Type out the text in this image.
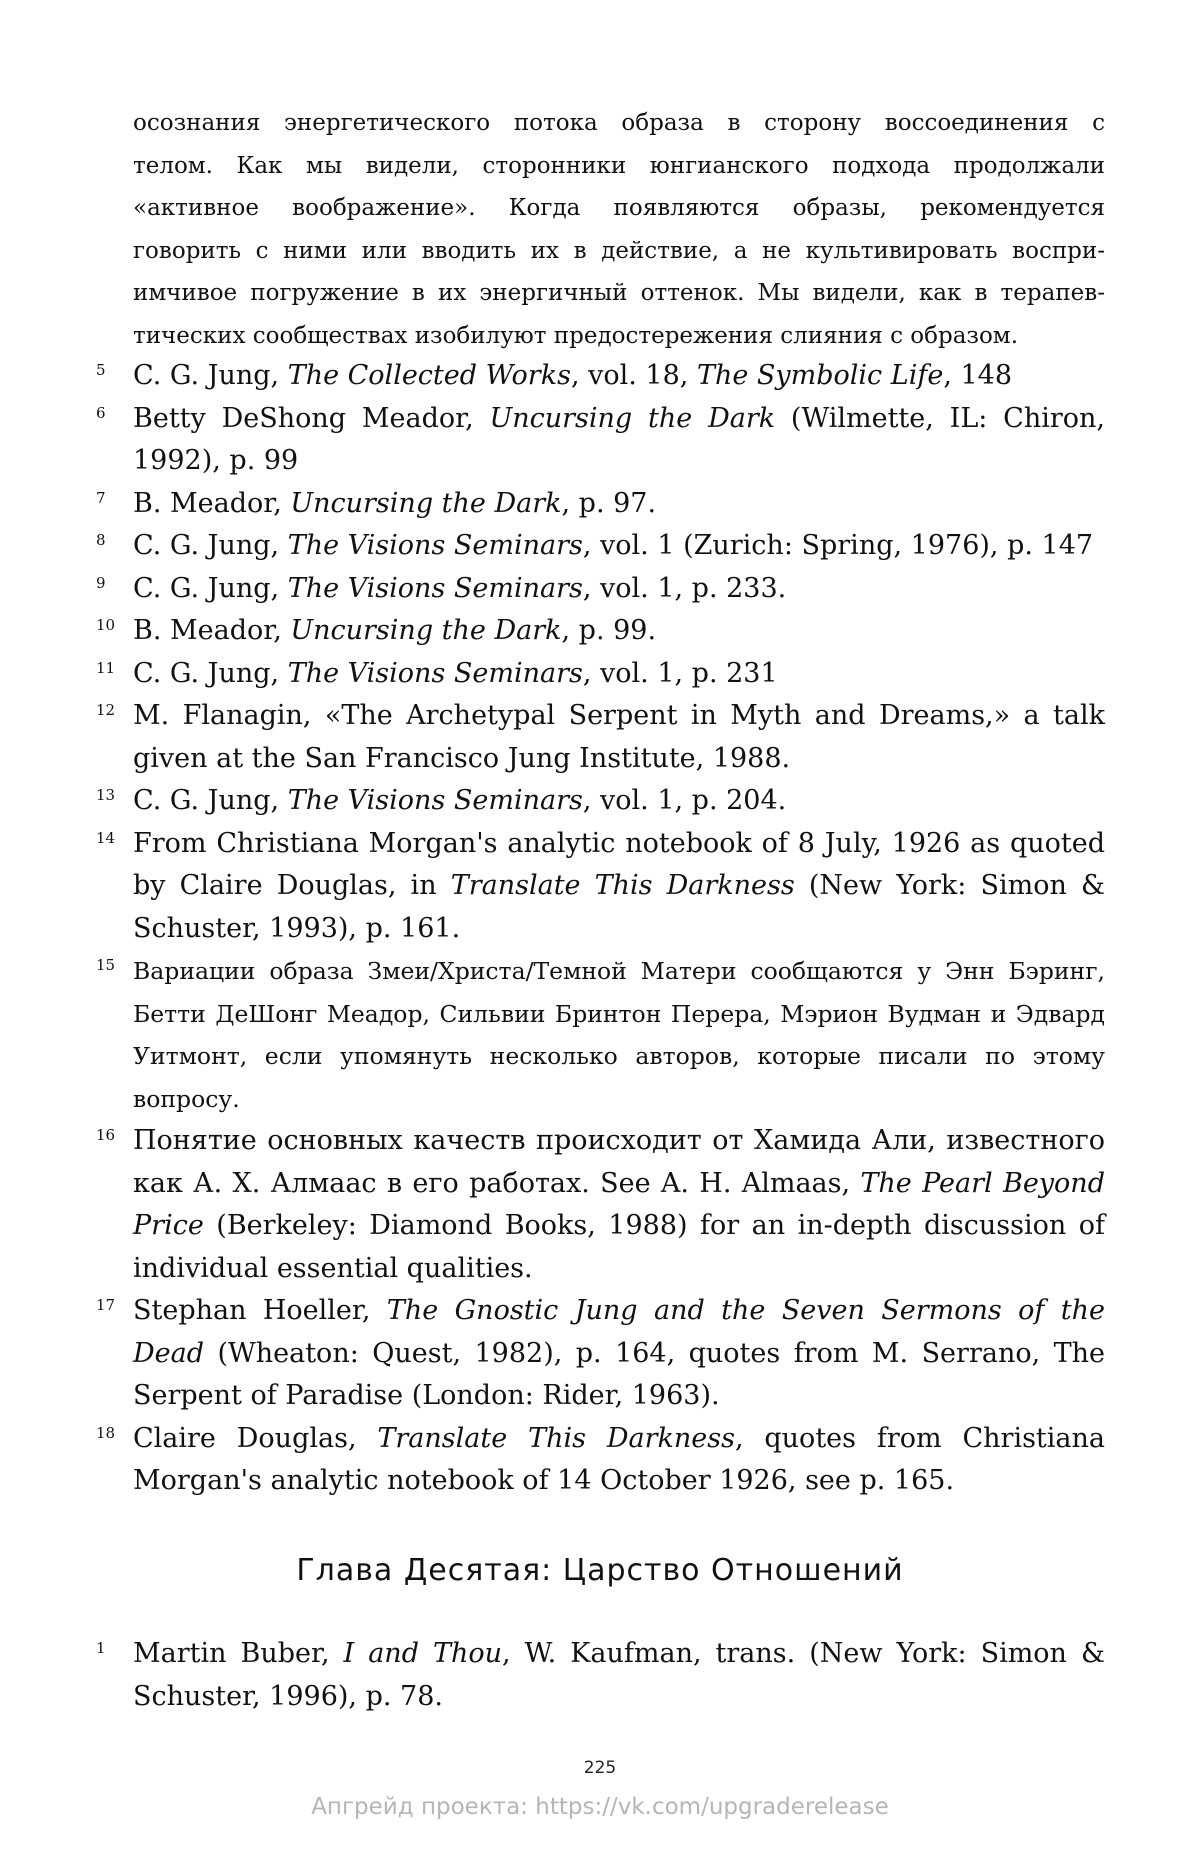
осознания энергетического потока образа в сторону воссоединения с
телом. Как мы видели, сторонники юнгианского подхода продолжали
«активное воображение». Когда появляются образы, рекомендуется
говорить с ними или вводить их в действие, а не культивировать воспри-
имчивое погружение в их энергичный оттенок. Мы видели, как в терапев-
тических сообществах изобилуют предостережения слияния с образом.
5 C. G. Jung, The Collected Works, vol. 18, The Symbolic Life, 148
6 Betty DeShong Meador, Uncursing the Dark (Wilmette, IL: Chiron, 1992), p. 99
7 B. Meador, Uncursing the Dark, p. 97.
8 C. G. Jung, The Visions Seminars, vol. 1 (Zurich: Spring, 1976), p. 147
9 C. G. Jung, The Visions Seminars, vol. 1, p. 233.
10 B. Meador, Uncursing the Dark, p. 99.
11 C. G. Jung, The Visions Seminars, vol. 1, p. 231
12 M. Flanagin, «The Archetypal Serpent in Myth and Dreams,» a talk given at the San Francisco Jung Institute, 1988.
13 C. G. Jung, The Visions Seminars, vol. 1, p. 204.
14 From Christiana Morgan's analytic notebook of 8 July, 1926 as quoted by Claire Douglas, in Translate This Darkness (New York: Simon & Schuster, 1993), p. 161.
15 Вариации образа Змеи/Христа/Темной Матери сообщаются у Энн Бэринг, Бетти ДеШонг Меадор, Сильвии Бринтон Перера, Мэрион Вудман и Эдвард Уитмонт, если упомянуть несколько авторов, которые писали по этому вопросу.
16 Понятие основных качеств происходит от Хамида Али, известного как А. Х. Алмаас в его работах. See A. H. Almaas, The Pearl Beyond Price (Berkeley: Diamond Books, 1988) for an in-depth discussion of individual essential qualities.
17 Stephan Hoeller, The Gnostic Jung and the Seven Sermons of the Dead (Wheaton: Quest, 1982), p. 164, quotes from M. Serrano, The Serpent of Paradise (London: Rider, 1963).
18 Claire Douglas, Translate This Darkness, quotes from Christiana Morgan's analytic notebook of 14 October 1926, see p. 165.
Глава Десятая: Царство Отношений
1 Martin Buber, I and Thou, W. Kaufman, trans. (New York: Simon & Schuster, 1996), p. 78.
225
Апгрейд проекта: https://vk.com/upgraderelease
